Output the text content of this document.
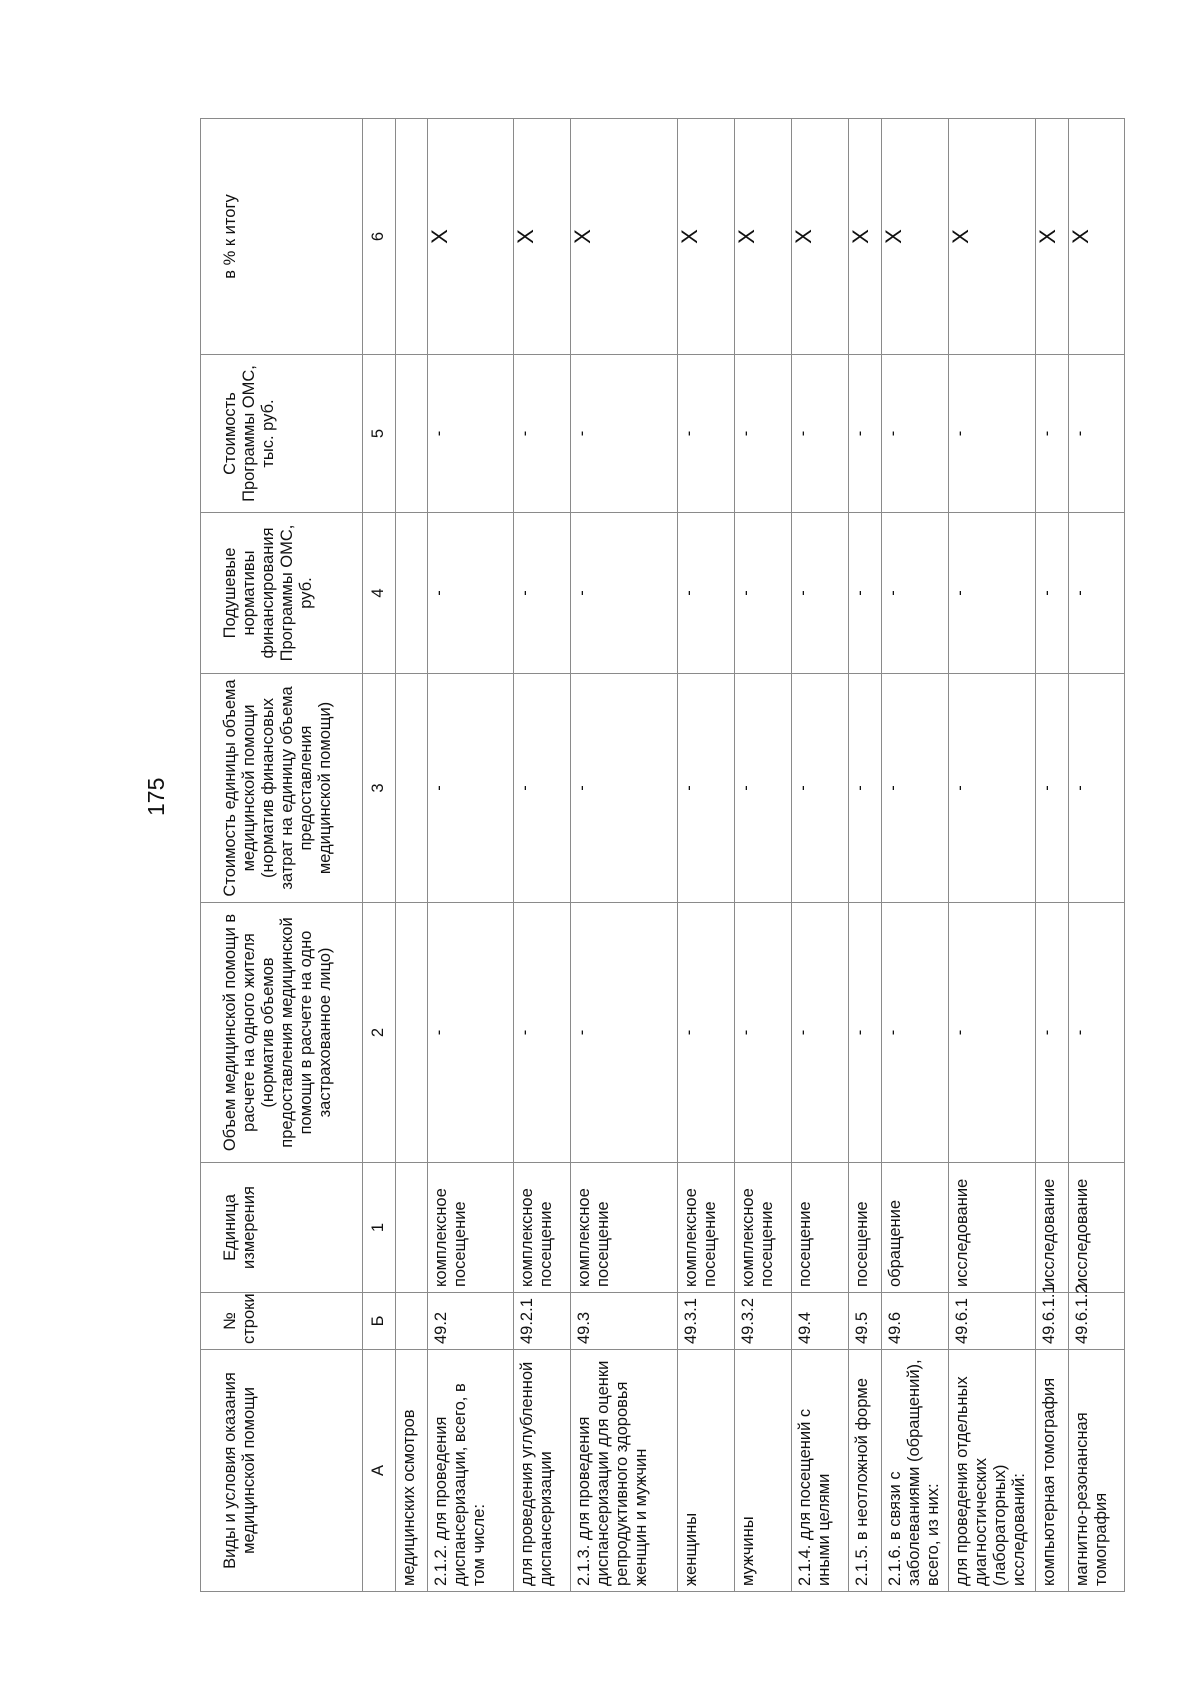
175
Виды и условия оказания медицинской помощи	№ строки	Единица измерения	Объем медицинской помощи в расчете на одного жителя (норматив объемов предоставления медицинской помощи в расчете на одно застрахованное лицо)	Стоимость единицы объема медицинской помощи (норматив финансовых затрат на единицу объема предоставления медицинской помощи)	Подушевые нормативы финансирования Программы ОМС, руб.	Стоимость Программы ОМС, тыс. руб.	в % к итогу
А	Б	1	2	3	4	5	6
медицинских осмотров							
2.1.2. для проведения диспансеризации, всего, в том числе:	49.2	комплексное посещение	-	-	-	-	X
для проведения углубленной диспансеризации	49.2.1	комплексное посещение	-	-	-	-	X
2.1.3. для проведения диспансеризации для оценки репродуктивного здоровья женщин и мужчин	49.3	комплексное посещение	-	-	-	-	X
женщины	49.3.1	комплексное посещение	-	-	-	-	X
мужчины	49.3.2	комплексное посещение	-	-	-	-	X
2.1.4. для посещений с иными целями	49.4	посещение	-	-	-	-	X
2.1.5. в неотложной форме	49.5	посещение	-	-	-	-	X
2.1.6. в связи с заболеваниями (обращений), всего, из них:	49.6	обращение	-	-	-	-	X
для проведения отдельных диагностических (лабораторных) исследований:	49.6.1	исследование	-	-	-	-	X
компьютерная томография	49.6.1.1	исследование	-	-	-	-	X
магнитно-резонансная томография	49.6.1.2	исследование	-	-	-	-	X
